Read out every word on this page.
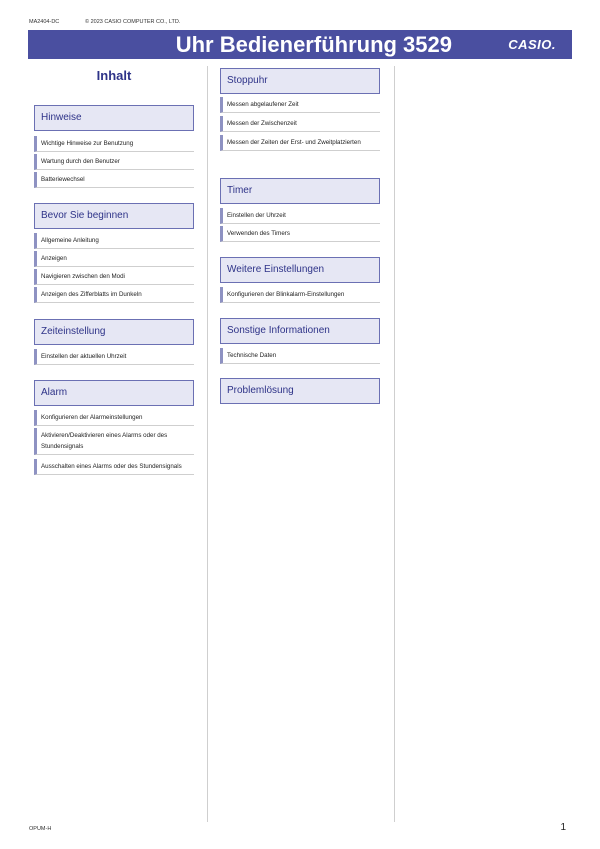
MA2404-DC	© 2023 CASIO COMPUTER CO., LTD.
Uhr Bedienerführung 3529	CASIO.
Inhalt
Hinweise
Wichtige Hinweise zur Benutzung
Wartung durch den Benutzer
Batteriewechsel
Bevor Sie beginnen
Allgemeine Anleitung
Anzeigen
Navigieren zwischen den Modi
Anzeigen des Zifferblatts im Dunkeln
Zeiteinstellung
Einstellen der aktuellen Uhrzeit
Alarm
Konfigurieren der Alarmeinstellungen
Aktivieren/Deaktivieren eines Alarms oder des Stundensignals
Ausschalten eines Alarms oder des Stundensignals
Stoppuhr
Messen abgelaufener Zeit
Messen der Zwischenzeit
Messen der Zeiten der Erst- und Zweitplatzierten
Timer
Einstellen der Uhrzeit
Verwenden des Timers
Weitere Einstellungen
Konfigurieren der Blinkalarm-Einstellungen
Sonstige Informationen
Technische Daten
Problemlösung
OPUM-H	1
